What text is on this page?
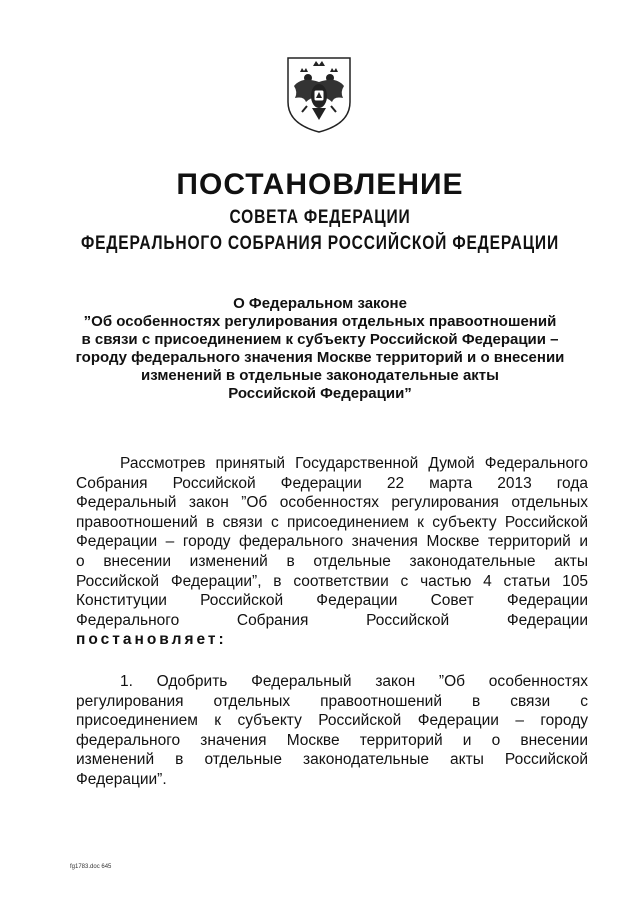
ПОСТАНОВЛЕНИЕ
СОВЕТА ФЕДЕРАЦИИ
ФЕДЕРАЛЬНОГО СОБРАНИЯ РОССИЙСКОЙ ФЕДЕРАЦИИ
О Федеральном законе
”Об особенностях регулирования отдельных правоотношений
в связи с присоединением к субъекту Российской Федерации –
городу федерального значения Москве территорий и о внесении
изменений в отдельные законодательные акты
Российской Федерации”
Рассмотрев принятый Государственной Думой Федерального
Собрания Российской Федерации 22 марта 2013 года
Федеральный закон ”Об особенностях регулирования отдельных
правоотношений в связи с присоединением к субъекту Российской
Федерации – городу федерального значения Москве территорий и
о внесении изменений в отдельные законодательные акты
Российской Федерации”, в соответствии с частью 4 статьи 105
Конституции Российской Федерации Совет Федерации
Федерального Собрания Российской Федерации
постановляет:
1. Одобрить Федеральный закон ”Об особенностях
регулирования отдельных правоотношений в связи с
присоединением к субъекту Российской Федерации – городу
федерального значения Москве территорий и о внесении
изменений в отдельные законодательные акты Российской
Федерации”.
fg1783.doc 645
